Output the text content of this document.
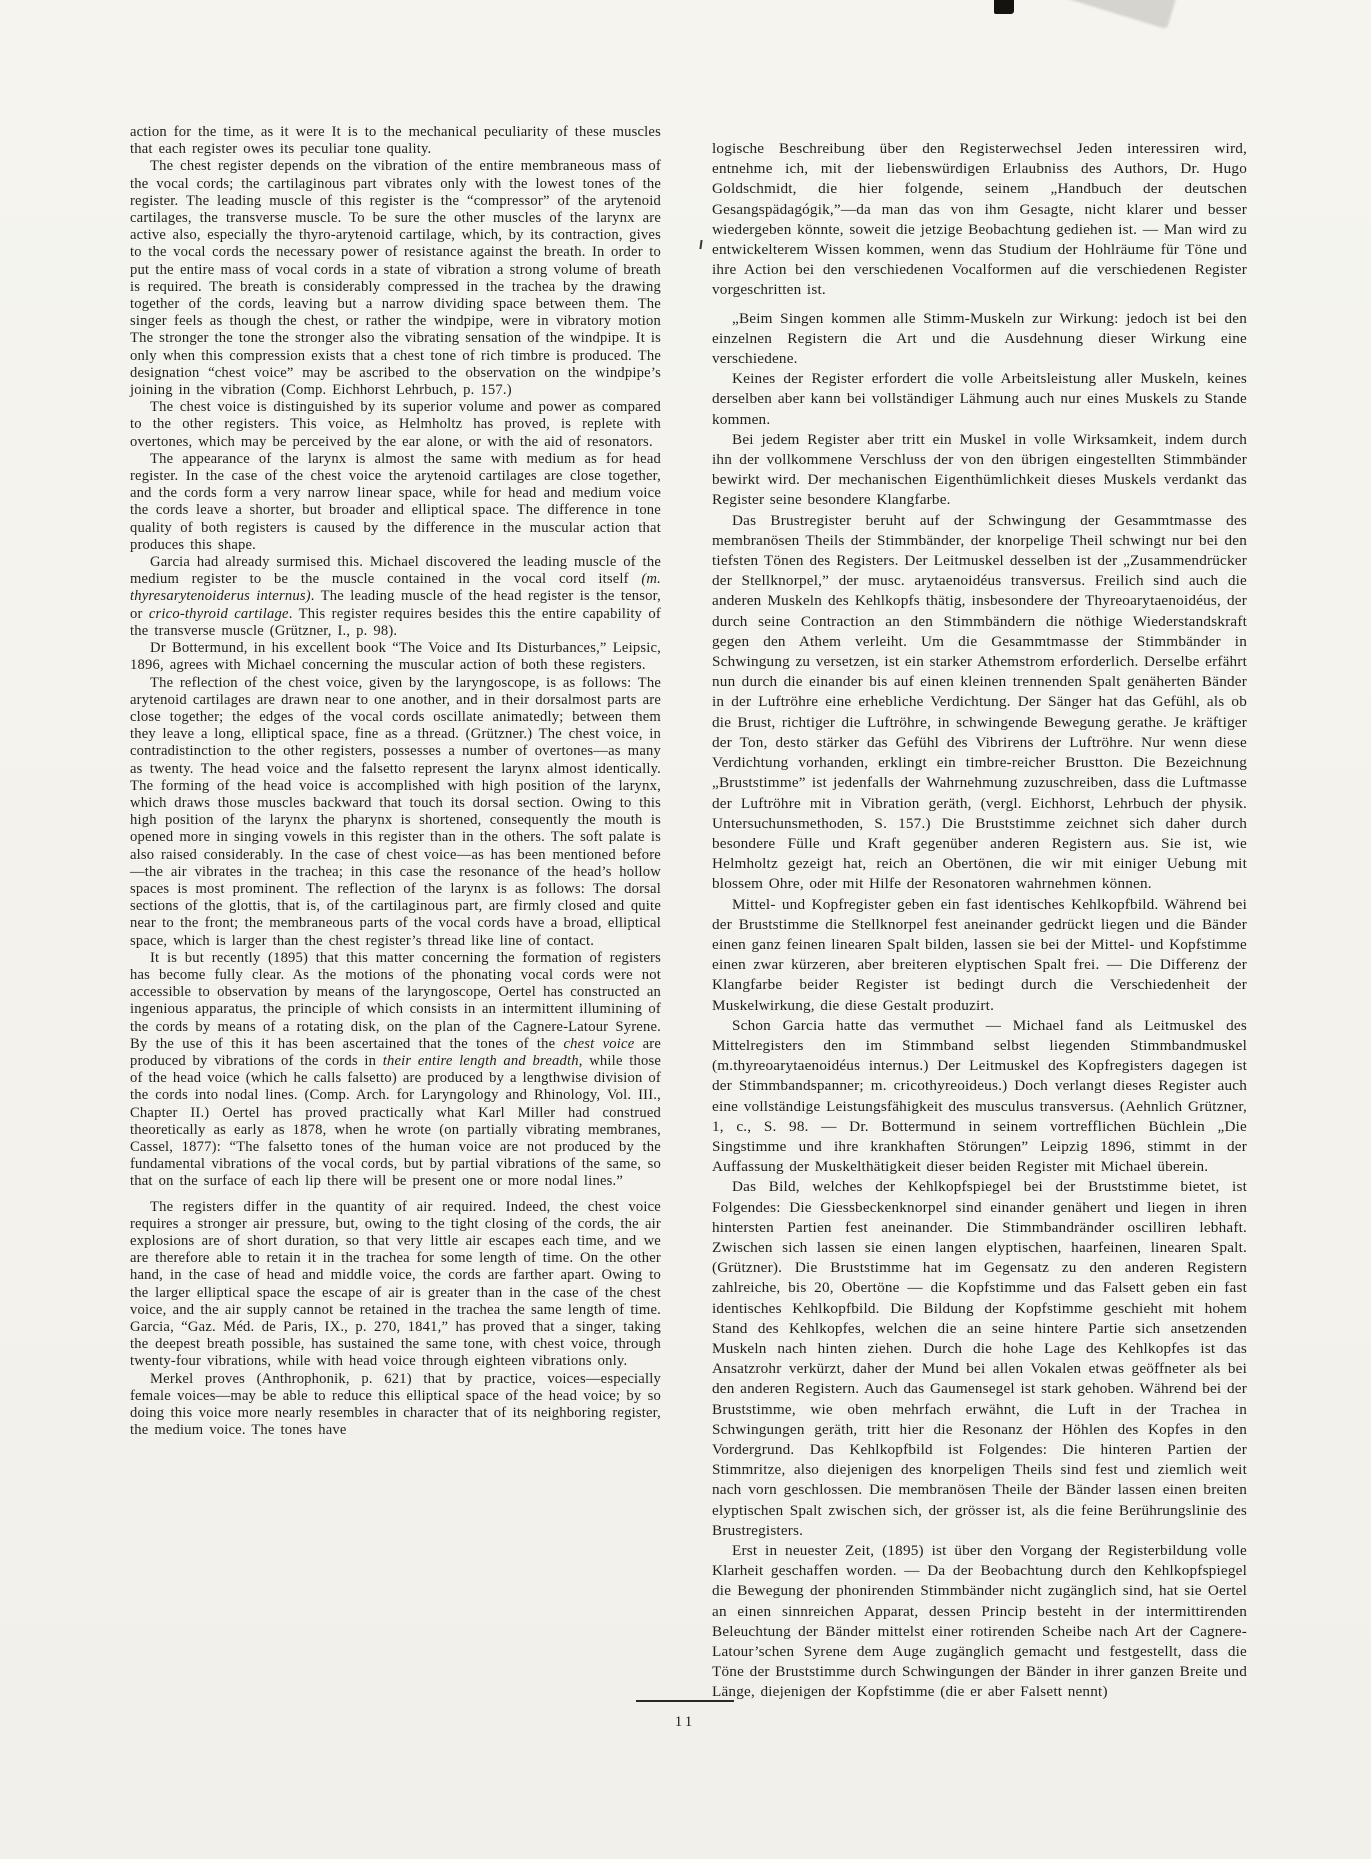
action for the time, as it were It is to the mechanical peculiarity of these muscles that each register owes its peculiar tone quality.

The chest register depends on the vibration of the entire membraneous mass of the vocal cords; the cartilaginous part vibrates only with the lowest tones of the register. The leading muscle of this register is the “compressor” of the arytenoid cartilages, the transverse muscle. To be sure the other muscles of the larynx are active also, especially the thyro-arytenoid cartilage, which, by its contraction, gives to the vocal cords the necessary power of resistance against the breath. In order to put the entire mass of vocal cords in a state of vibration a strong volume of breath is required. The breath is considerably compressed in the trachea by the drawing together of the cords, leaving but a narrow dividing space between them. The singer feels as though the chest, or rather the windpipe, were in vibratory motion The stronger the tone the stronger also the vibrating sensation of the windpipe. It is only when this compression exists that a chest tone of rich timbre is produced. The designation “chest voice” may be ascribed to the observation on the windpipe’s joining in the vibration (Comp. Eichhorst Lehrbuch, p. 157.)

The chest voice is distinguished by its superior volume and power as compared to the other registers. This voice, as Helmholtz has proved, is replete with overtones, which may be perceived by the ear alone, or with the aid of resonators.

The appearance of the larynx is almost the same with medium as for head register. In the case of the chest voice the arytenoid cartilages are close together, and the cords form a very narrow linear space, while for head and medium voice the cords leave a shorter, but broader and elliptical space. The difference in tone quality of both registers is caused by the difference in the muscular action that produces this shape.

Garcia had already surmised this. Michael discovered the leading muscle of the medium register to be the muscle contained in the vocal cord itself (m. thyresarytenoiderus internus). The leading muscle of the head register is the tensor, or crico-thyroid cartilage. This register requires besides this the entire capability of the transverse muscle (Grützner, I., p. 98).

Dr Bottermund, in his excellent book “The Voice and Its Disturbances,” Leipsic, 1896, agrees with Michael concerning the muscular action of both these registers.

The reflection of the chest voice, given by the laryngoscope, is as follows: The arytenoid cartilages are drawn near to one another, and in their dorsalmost parts are close together; the edges of the vocal cords oscillate animatedly; between them they leave a long, elliptical space, fine as a thread. (Grützner.) The chest voice, in contradistinction to the other registers, possesses a number of overtones—as many as twenty. The head voice and the falsetto represent the larynx almost identically. The forming of the head voice is accomplished with high position of the larynx, which draws those muscles backward that touch its dorsal section. Owing to this high position of the larynx the pharynx is shortened, consequently the mouth is opened more in singing vowels in this register than in the others. The soft palate is also raised considerably. In the case of chest voice—as has been mentioned before—the air vibrates in the trachea; in this case the resonance of the head’s hollow spaces is most prominent. The reflection of the larynx is as follows: The dorsal sections of the glottis, that is, of the cartilaginous part, are firmly closed and quite near to the front; the membraneous parts of the vocal cords have a broad, elliptical space, which is larger than the chest register’s thread like line of contact.

It is but recently (1895) that this matter concerning the formation of registers has become fully clear. As the motions of the phonating vocal cords were not accessible to observation by means of the laryngoscope, Oertel has constructed an ingenious apparatus, the principle of which consists in an intermittent illumining of the cords by means of a rotating disk, on the plan of the Cagnere-Latour Syrene. By the use of this it has been ascertained that the tones of the chest voice are produced by vibrations of the cords in their entire length and breadth, while those of the head voice (which he calls falsetto) are produced by a lengthwise division of the cords into nodal lines. (Comp. Arch. for Laryngology and Rhinology, Vol. III., Chapter II.) Oertel has proved practically what Karl Miller had construed theoretically as early as 1878, when he wrote (on partially vibrating membranes, Cassel, 1877): “The falsetto tones of the human voice are not produced by the fundamental vibrations of the vocal cords, but by partial vibrations of the same, so that on the surface of each lip there will be present one or more nodal lines.”

The registers differ in the quantity of air required. Indeed, the chest voice requires a stronger air pressure, but, owing to the tight closing of the cords, the air explosions are of short duration, so that very little air escapes each time, and we are therefore able to retain it in the trachea for some length of time. On the other hand, in the case of head and middle voice, the cords are farther apart. Owing to the larger elliptical space the escape of air is greater than in the case of the chest voice, and the air supply cannot be retained in the trachea the same length of time. Garcia, “Gaz. Méd. de Paris, IX., p. 270, 1841,” has proved that a singer, taking the deepest breath possible, has sustained the same tone, with chest voice, through twenty-four vibrations, while with head voice through eighteen vibrations only.

Merkel proves (Anthrophonik, p. 621) that by practice, voices—especially female voices—may be able to reduce this elliptical space of the head voice; by so doing this voice more nearly resembles in character that of its neighboring register, the medium voice. The tones have

logische Beschreibung über den Registerwechsel Jeden interessiren wird, entnehme ich, mit der liebenswürdigen Erlaubniss des Authors, Dr. Hugo Goldschmidt, die hier folgende, seinem „Handbuch der deutschen Gesangspädagógik,”—da man das von ihm Gesagte, nicht klarer und besser wiedergeben könnte, soweit die jetzige Beobachtung gediehen ist. — Man wird zu entwickelterem Wissen kommen, wenn das Studium der Hohlräume für Töne und ihre Action bei den verschiedenen Vocalformen auf die verschiedenen Register vorgeschritten ist.

„Beim Singen kommen alle Stimm-Muskeln zur Wirkung: jedoch ist bei den einzelnen Registern die Art und die Ausdehnung dieser Wirkung eine verschiedene.

Keines der Register erfordert die volle Arbeitsleistung aller Muskeln, keines derselben aber kann bei vollständiger Lähmung auch nur eines Muskels zu Stande kommen.

Bei jedem Register aber tritt ein Muskel in volle Wirksamkeit, indem durch ihn der vollkommene Verschluss der von den übrigen eingestellten Stimmbänder bewirkt wird. Der mechanischen Eigenthümlichkeit dieses Muskels verdankt das Register seine besondere Klangfarbe.

Das Brustregister beruht auf der Schwingung der Gesammtmasse des membranösen Theils der Stimmbänder, der knorpelige Theil schwingt nur bei den tiefsten Tönen des Registers. Der Leitmuskel desselben ist der „Zusammendrücker der Stellknorpel,” der musc. arytaenoidéus transversus. Freilich sind auch die anderen Muskeln des Kehlkopfs thätig, insbesondere der Thyreoarytaenoidéus, der durch seine Contraction an den Stimmbändern die nöthige Wiederstandskraft gegen den Athem verleiht. Um die Gesammtmasse der Stimmbänder in Schwingung zu versetzen, ist ein starker Athemstrom erforderlich. Derselbe erfährt nun durch die einander bis auf einen kleinen trennenden Spalt genäherten Bänder in der Luftröhre eine erhebliche Verdichtung. Der Sänger hat das Gefühl, als ob die Brust, richtiger die Luftröhre, in schwingende Bewegung gerathe. Je kräftiger der Ton, desto stärker das Gefühl des Vibrirens der Luftröhre. Nur wenn diese Verdichtung vorhanden, erklingt ein timbre-reicher Brustton. Die Bezeichnung „Bruststimme” ist jedenfalls der Wahrnehmung zuzuschreiben, dass die Luftmasse der Luftröhre mit in Vibration geräth, (vergl. Eichhorst, Lehrbuch der physik. Untersuchunsmethoden, S. 157.) Die Bruststimme zeichnet sich daher durch besondere Fülle und Kraft gegenüber anderen Registern aus. Sie ist, wie Helmholtz gezeigt hat, reich an Obertönen, die wir mit einiger Uebung mit blossem Ohre, oder mit Hilfe der Resonatoren wahrnehmen können.

Mittel- und Kopfregister geben ein fast identisches Kehlkopfbild. Während bei der Bruststimme die Stellknorpel fest aneinander gedrückt liegen und die Bänder einen ganz feinen linearen Spalt bilden, lassen sie bei der Mittel- und Kopfstimme einen zwar kürzeren, aber breiteren elyptischen Spalt frei. — Die Differenz der Klangfarbe beider Register ist bedingt durch die Verschiedenheit der Muskelwirkung, die diese Gestalt produzirt.

Schon Garcia hatte das vermuthet — Michael fand als Leitmuskel des Mittelregisters den im Stimmband selbst liegenden Stimmbandmuskel (m.thyreoarytaenoidéus internus.) Der Leitmuskel des Kopfregisters dagegen ist der Stimmbandspanner; m. cricothyreoideus.) Doch verlangt dieses Register auch eine vollständige Leistungsfähigkeit des musculus transversus. (Aehnlich Grützner, 1, c., S. 98. — Dr. Bottermund in seinem vortrefflichen Büchlein „Die Singstimme und ihre krankhaften Störungen” Leipzig 1896, stimmt in der Auffassung der Muskelthätigkeit dieser beiden Register mit Michael überein.

Das Bild, welches der Kehlkopfspiegel bei der Bruststimme bietet, ist Folgendes: Die Giessbeckenknorpel sind einander genähert und liegen in ihren hintersten Partien fest aneinander. Die Stimmbandränder oscilliren lebhaft. Zwischen sich lassen sie einen langen elyptischen, haarfeinen, linearen Spalt. (Grützner). Die Bruststimme hat im Gegensatz zu den anderen Registern zahlreiche, bis 20, Obertöne — die Kopfstimme und das Falsett geben ein fast identisches Kehlkopfbild. Die Bildung der Kopfstimme geschieht mit hohem Stand des Kehlkopfes, welchen die an seine hintere Partie sich ansetzenden Muskeln nach hinten ziehen. Durch die hohe Lage des Kehlkopfes ist das Ansatzrohr verkürzt, daher der Mund bei allen Vokalen etwas geöffneter als bei den anderen Registern. Auch das Gaumensegel ist stark gehoben. Während bei der Bruststimme, wie oben mehrfach erwähnt, die Luft in der Trachea in Schwingungen geräth, tritt hier die Resonanz der Höhlen des Kopfes in den Vordergrund. Das Kehlkopfbild ist Folgendes: Die hinteren Partien der Stimmritze, also diejenigen des knorpeligen Theils sind fest und ziemlich weit nach vorn geschlossen. Die membranösen Theile der Bänder lassen einen breiten elyptischen Spalt zwischen sich, der grösser ist, als die feine Berührungslinie des Brustregisters.

Erst in neuester Zeit, (1895) ist über den Vorgang der Registerbildung volle Klarheit geschaffen worden. — Da der Beobachtung durch den Kehlkopfspiegel die Bewegung der phonirenden Stimmbänder nicht zugänglich sind, hat sie Oertel an einen sinnreichen Apparat, dessen Princip besteht in der intermittirenden Beleuchtung der Bänder mittelst einer rotirenden Scheibe nach Art der Cagnere-Latour’schen Syrene dem Auge zugänglich gemacht und festgestellt, dass die Töne der Bruststimme durch Schwingungen der Bänder in ihrer ganzen Breite und Länge, diejenigen der Kopfstimme (die er aber Falsett nennt)

11
